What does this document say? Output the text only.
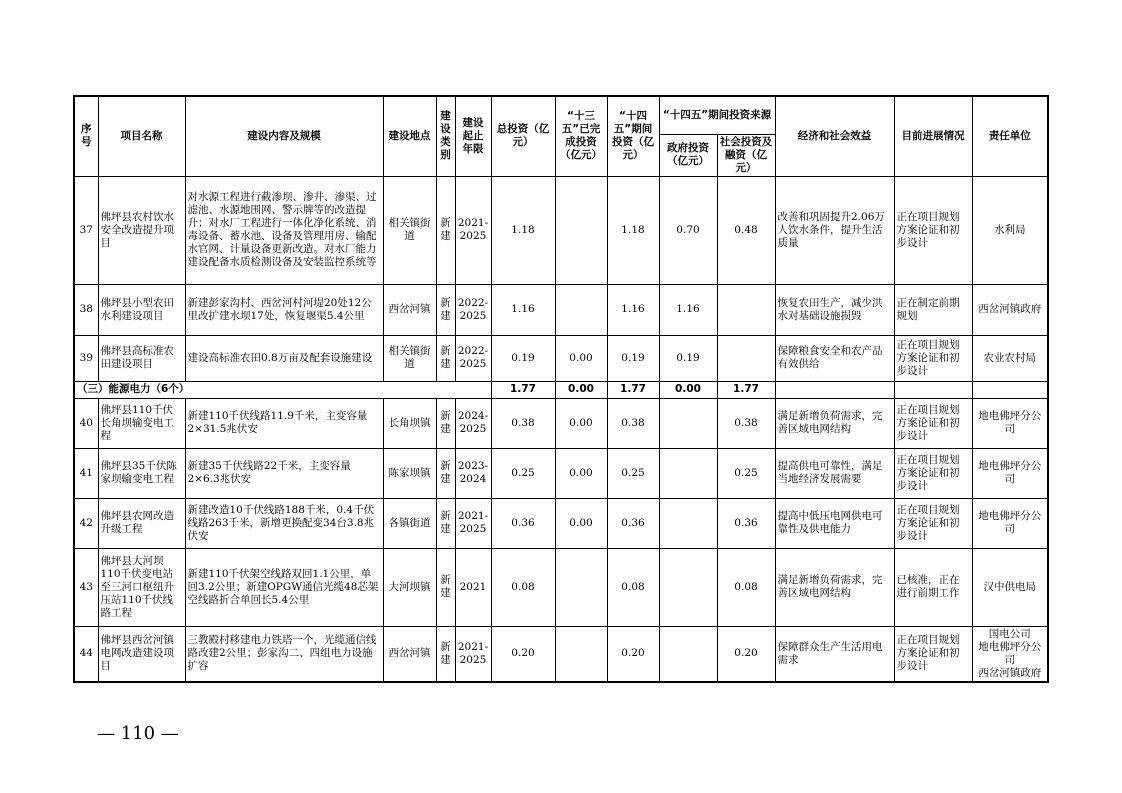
序号	项目名称	建设内容及规模	建设地点	建设类别	建设起止年限	总投资（亿元）	“十三五”已完成投资（亿元）	“十四五”期间投资（亿元）	“十四五”期间投资来源		经济和社会效益	目前进展情况	责任单位
									政府投资（亿元）	社会投资及融资（亿元）			
37	佛坪县农村饮水安全改造提升项目	对水源工程进行截渗坝、渗井、渗渠、过滤池、水源地围网、警示牌等的改造提升；对水厂工程进行一体化净化系统、消毒设备、蓄水池、设备及管理用房、输配水官网、计量设备更新改造。对水厂能力建设配备水质检测设备及安装监控系统等	相关镇街道	新建	2021-2025	1.18		1.18	0.70	0.48	改善和巩固提升2.06万人饮水条件，提升生活质量	正在项目规划方案论证和初步设计	水利局
38	佛坪县小型农田水利建设项目	新建彭家沟村、西岔河村河堤20处12公里改扩建水坝17处，恢复堰渠5.4公里	西岔河镇	新建	2022-2025	1.16		1.16	1.16		恢复农田生产，减少洪水对基础设施损毁	正在制定前期规划	西岔河镇政府
39	佛坪县高标准农田建设项目	建设高标准农田0.8万亩及配套设施建设	相关镇街道	新建	2022-2025	0.19	0.00	0.19	0.19		保障粮食安全和农产品有效供给	正在项目规划方案论证和初步设计	农业农村局
（三）能源电力（6个）						1.77	0.00	1.77	0.00	1.77			
40	佛坪县110千伏长角坝输变电工程	新建110千伏线路11.9千米，主变容量2×31.5兆伏安	长角坝镇	新建	2024-2025	0.38	0.00	0.38		0.38	满足新增负荷需求，完善区域电网结构	正在项目规划方案论证和初步设计	地电佛坪分公司
41	佛坪县35千伏陈家坝输变电工程	新建35千伏线路22千米，主变容量2×6.3兆伏安	陈家坝镇	新建	2023-2024	0.25	0.00	0.25		0.25	提高供电可靠性，满足当地经济发展需要	正在项目规划方案论证和初步设计	地电佛坪分公司
42	佛坪县农网改造升级工程	新建改造10千伏线路188千米，0.4千伏线路263千米，新增更换配变34台3.8兆伏安	各镇街道	新建	2021-2025	0.36	0.00	0.36		0.36	提高中低压电网供电可靠性及供电能力	正在项目规划方案论证和初步设计	地电佛坪分公司
43	佛坪县大河坝110千伏变电站至三河口枢纽升压站110千伏线路工程	新建110千伏架空线路双回1.1公里，单回3.2公里；新建OPGW通信光缆48芯架空线路折合单回长5.4公里	大河坝镇	新建	2021	0.08		0.08		0.08	满足新增负荷需求，完善区域电网结构	已核准，正在进行前期工作	汉中供电局
44	佛坪县西岔河镇电网改造建设项目	三教殿村移建电力铁塔一个，光缆通信线路改建2公里；彭家沟二、四组电力设施扩容	西岔河镇	新建	2021-2025	0.20		0.20		0.20	保障群众生产生活用电需求	正在项目规划方案论证和初步设计	国电公司
地电佛坪分公司
西岔河镇政府
— 110 —
